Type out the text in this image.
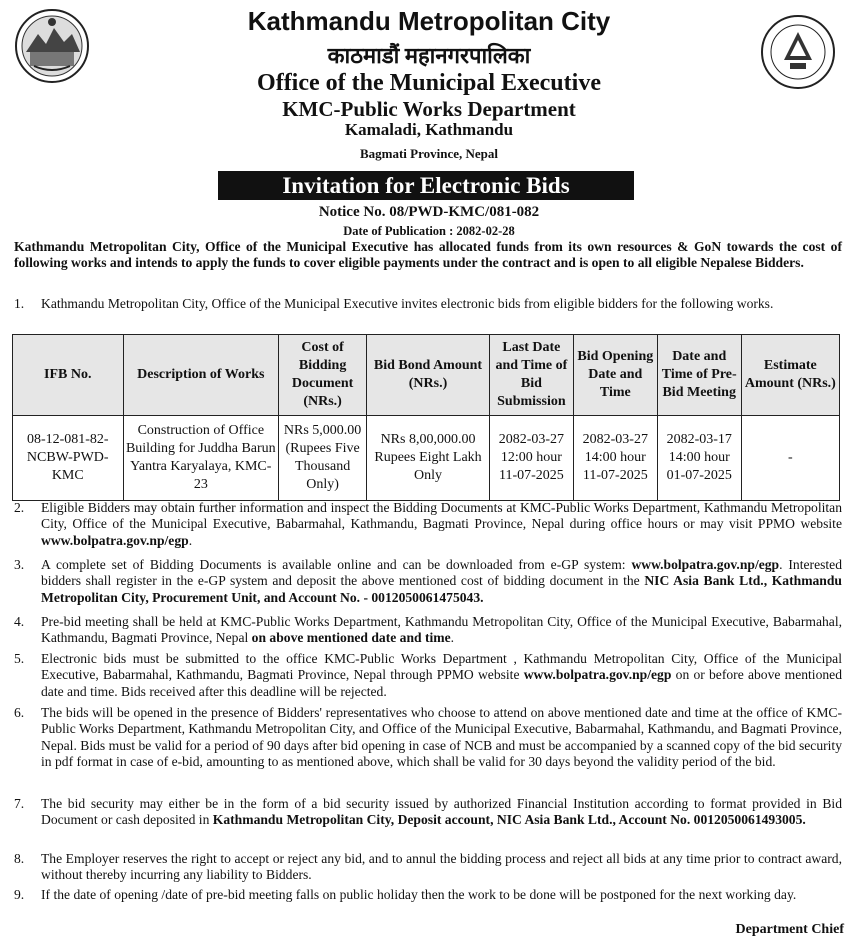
Kathmandu Metropolitan City
काठमाडौं महानगरपालिका
Office of the Municipal Executive
KMC-Public Works Department
Kamaladi, Kathmandu
Bagmati Province, Nepal
Invitation for Electronic Bids
Notice No. 08/PWD-KMC/081-082
Date of Publication : 2082-02-28
Kathmandu Metropolitan City, Office of the Municipal Executive has allocated funds from its own resources & GoN towards the cost of following works and intends to apply the funds to cover eligible payments under the contract and is open to all eligible Nepalese Bidders.
1.	Kathmandu Metropolitan City, Office of the Municipal Executive invites electronic bids from eligible bidders for the following works.
IFB No.	Description of Works	Cost of Bidding Document (NRs.)	Bid Bond Amount (NRs.)	Last Date and Time of Bid Submission	Bid Opening Date and Time	Date and Time of Pre-Bid Meeting	Estimate Amount (NRs.)
08-12-081-82-NCBW-PWD-KMC	Construction of Office Building for Juddha Barun Yantra Karyalaya, KMC-23	NRs 5,000.00 (Rupees Five Thousand Only)	NRs 8,00,000.00 Rupees Eight Lakh Only	2082-03-27 12:00 hour 11-07-2025	2082-03-27 14:00 hour 11-07-2025	2082-03-17 14:00 hour 01-07-2025	-
2.	Eligible Bidders may obtain further information and inspect the Bidding Documents at KMC-Public Works Department, Kathmandu Metropolitan City, Office of the Municipal Executive, Babarmahal, Kathmandu, Bagmati Province, Nepal during office hours or may visit PPMO website www.bolpatra.gov.np/egp.
3.	A complete set of Bidding Documents is available online and can be downloaded from e-GP system: www.bolpatra.gov.np/egp. Interested bidders shall register in the e-GP system and deposit the above mentioned cost of bidding document in the NIC Asia Bank Ltd., Kathmandu Metropolitan City, Procurement Unit, and Account No. - 0012050061475043.
4.	Pre-bid meeting shall be held at KMC-Public Works Department, Kathmandu Metropolitan City, Office of the Municipal Executive, Babarmahal, Kathmandu, Bagmati Province, Nepal on above mentioned date and time.
5.	Electronic bids must be submitted to the office KMC-Public Works Department , Kathmandu Metropolitan City, Office of the Municipal Executive, Babarmahal, Kathmandu, Bagmati Province, Nepal through PPMO website www.bolpatra.gov.np/egp on or before above mentioned date and time. Bids received after this deadline will be rejected.
6.	The bids will be opened in the presence of Bidders' representatives who choose to attend on above mentioned date and time at the office of KMC-Public Works Department, Kathmandu Metropolitan City, and Office of the Municipal Executive, Babarmahal, Kathmandu, and Bagmati Province, Nepal. Bids must be valid for a period of 90 days after bid opening in case of NCB and must be accompanied by a scanned copy of the bid security in pdf format in case of e-bid, amounting to as mentioned above, which shall be valid for 30 days beyond the validity period of the bid.
7.	The bid security may either be in the form of a bid security issued by authorized Financial Institution according to format provided in Bid Document or cash deposited in Kathmandu Metropolitan City, Deposit account, NIC Asia Bank Ltd., Account No. 0012050061493005.
8.	The Employer reserves the right to accept or reject any bid, and to annul the bidding process and reject all bids at any time prior to contract award, without thereby incurring any liability to Bidders.
9.	If the date of opening /date of pre-bid meeting falls on public holiday then the work to be done will be postponed for the next working day.
Department Chief
